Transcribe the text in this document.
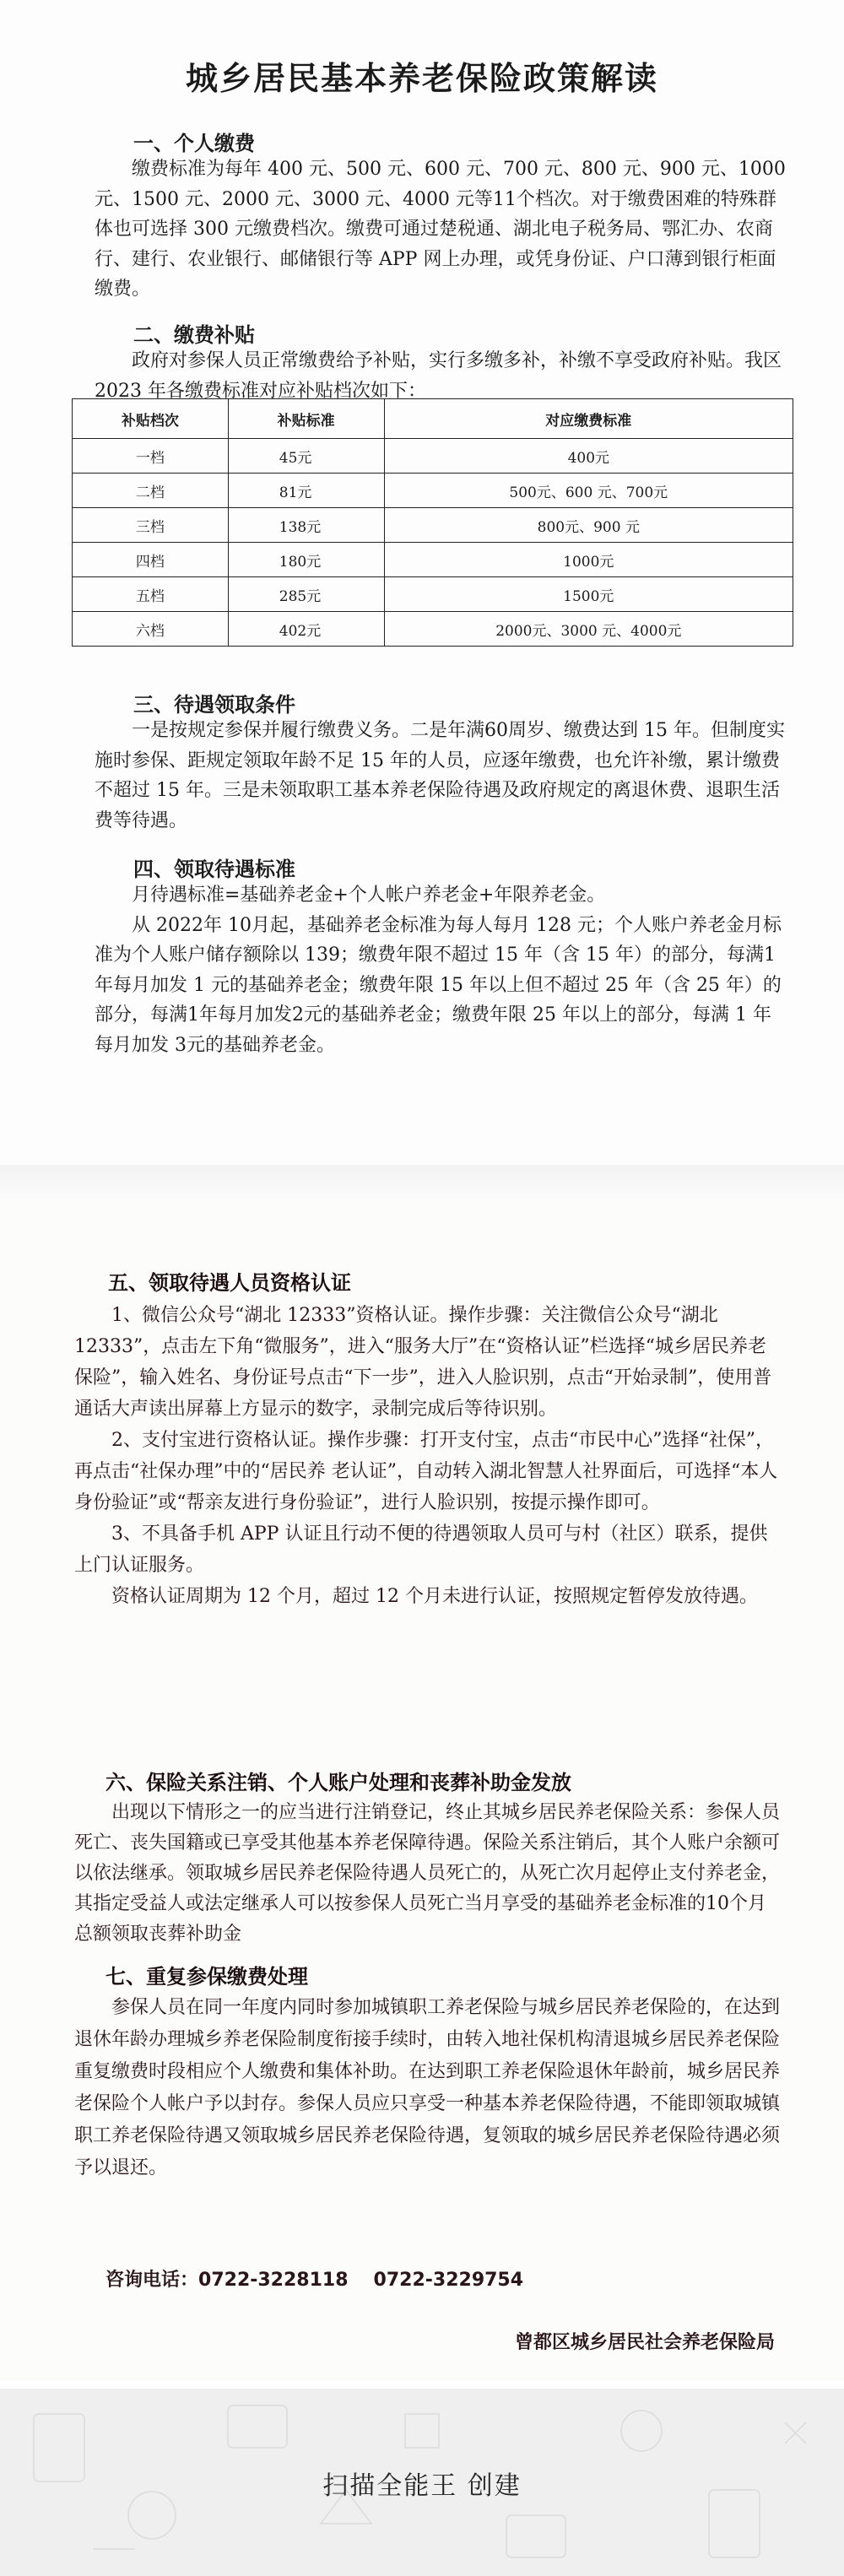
城乡居民基本养老保险政策解读
一、个人缴费

缴费标准为每年 400 元、500 元、600 元、700 元、800 元、900 元、1000 元、1500 元、2000 元、3000 元、4000 元等11个档次。对于缴费困难的特殊群体也可选择 300 元缴费档次。缴费可通过楚税通、湖北电子税务局、鄂汇办、农商行、建行、农业银行、邮储银行等 APP 网上办理，或凭身份证、户口薄到银行柜面缴费。

二、缴费补贴

政府对参保人员正常缴费给予补贴，实行多缴多补，补缴不享受政府补贴。我区 2023 年各缴费标准对应补贴档次如下：

补贴档次	补贴标准	对应缴费标准
一档	45元	400元
二档	81元	500元、600 元、700元
三档	138元	800元、900 元
四档	180元	1000元
五档	285元	1500元
六档	402元	2000元、3000 元、4000元
三、待遇领取条件

一是按规定参保并履行缴费义务。二是年满60周岁、缴费达到 15 年。但制度实施时参保、距规定领取年龄不足 15 年的人员，应逐年缴费，也允许补缴，累计缴费不超过 15 年。三是未领取职工基本养老保险待遇及政府规定的离退休费、退职生活费等待遇。

四、领取待遇标准

月待遇标准=基础养老金+个人帐户养老金+年限养老金。

从 2022年 10月起，基础养老金标准为每人每月 128 元；个人账户养老金月标准为个人账户储存额除以 139；缴费年限不超过 15 年（含 15 年）的部分，每满1年每月加发 1 元的基础养老金；缴费年限 15 年以上但不超过 25 年（含 25 年）的部分，每满1年每月加发2元的基础养老金；缴费年限 25 年以上的部分，每满 1 年每月加发 3元的基础养老金。

五、领取待遇人员资格认证

1、微信公众号“湖北 12333”资格认证。操作步骤：关注微信公众号“湖北 12333”，点击左下角“微服务”，进入“服务大厅”在“资格认证”栏选择“城乡居民养老保险”，输入姓名、身份证号点击“下一步”，进入人脸识别，点击“开始录制”，使用普通话大声读出屏幕上方显示的数字，录制完成后等待识别。

2、支付宝进行资格认证。操作步骤：打开支付宝，点击“市民中心”选择“社保”，再点击“社保办理”中的“居民养 老认证”，自动转入湖北智慧人社界面后，可选择“本人身份验证”或“帮亲友进行身份验证”，进行人脸识别，按提示操作即可。

3、不具备手机 APP 认证且行动不便的待遇领取人员可与村（社区）联系，提供上门认证服务。

资格认证周期为 12 个月，超过 12 个月未进行认证，按照规定暂停发放待遇。

六、保险关系注销、个人账户处理和丧葬补助金发放

出现以下情形之一的应当进行注销登记，终止其城乡居民养老保险关系：参保人员死亡、丧失国籍或已享受其他基本养老保障待遇。保险关系注销后，其个人账户余额可以依法继承。领取城乡居民养老保险待遇人员死亡的，从死亡次月起停止支付养老金，其指定受益人或法定继承人可以按参保人员死亡当月享受的基础养老金标准的10个月总额领取丧葬补助金

七、重复参保缴费处理

参保人员在同一年度内同时参加城镇职工养老保险与城乡居民养老保险的，在达到退休年龄办理城乡养老保险制度衔接手续时，由转入地社保机构清退城乡居民养老保险重复缴费时段相应个人缴费和集体补助。在达到职工养老保险退休年龄前，城乡居民养老保险个人帐户予以封存。参保人员应只享受一种基本养老保险待遇，不能即领取城镇职工养老保险待遇又领取城乡居民养老保险待遇，复领取的城乡居民养老保险待遇必须予以退还。

咨询电话：0722-3228118 0722-3229754
曾都区城乡居民社会养老保险局
扫描全能王 创建
